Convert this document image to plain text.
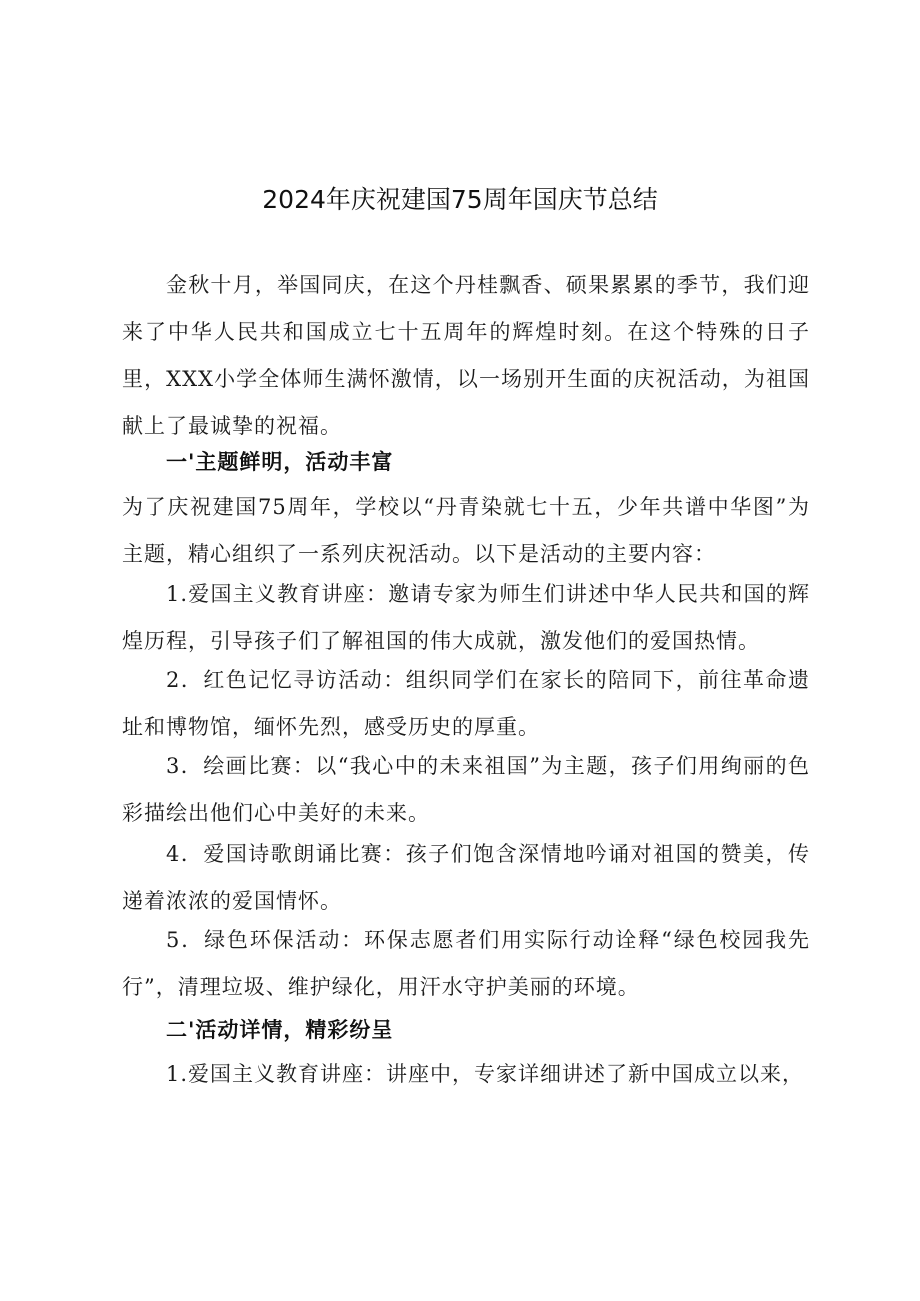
2024年庆祝建国75周年国庆节总结

金秋十月，举国同庆，在这个丹桂飘香、硕果累累的季节，我们迎来了中华人民共和国成立七十五周年的辉煌时刻。在这个特殊的日子里，XXX小学全体师生满怀激情，以一场别开生面的庆祝活动，为祖国献上了最诚挚的祝福。

一'主题鲜明，活动丰富

为了庆祝建国75周年，学校以“丹青染就七十五，少年共谱中华图”为主题，精心组织了一系列庆祝活动。以下是活动的主要内容：

1.爱国主义教育讲座：邀请专家为师生们讲述中华人民共和国的辉煌历程，引导孩子们了解祖国的伟大成就，激发他们的爱国热情。

2．红色记忆寻访活动：组织同学们在家长的陪同下，前往革命遗址和博物馆，缅怀先烈，感受历史的厚重。

3．绘画比赛：以“我心中的未来祖国”为主题，孩子们用绚丽的色彩描绘出他们心中美好的未来。

4．爱国诗歌朗诵比赛：孩子们饱含深情地吟诵对祖国的赞美，传递着浓浓的爱国情怀。

5．绿色环保活动：环保志愿者们用实际行动诠释“绿色校园我先行”，清理垃圾、维护绿化，用汗水守护美丽的环境。

二'活动详情，精彩纷呈

1.爱国主义教育讲座：讲座中，专家详细讲述了新中国成立以来，
